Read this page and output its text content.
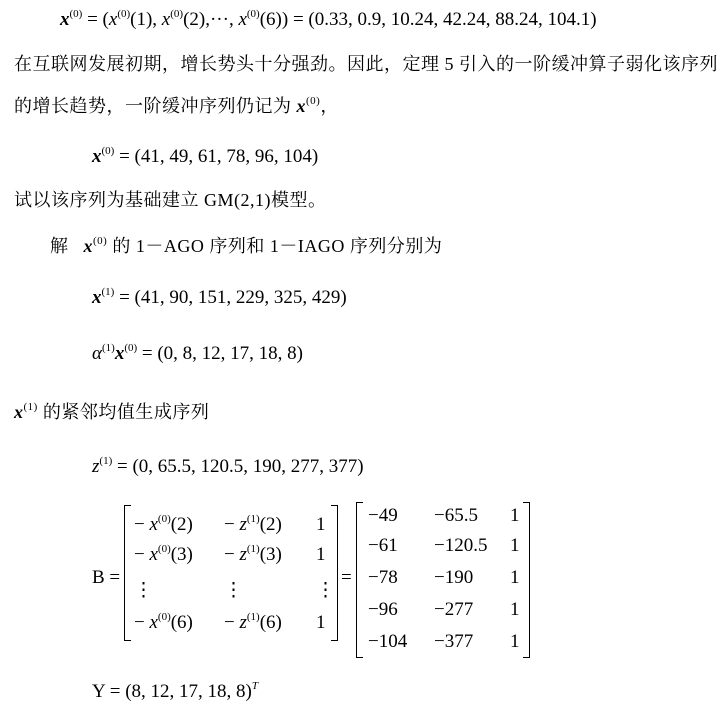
$x^{(0)} = (x^{(0)}(1)$, $x^{(0)}(2),\cdot\cdot\cdot$, $x^{(0)}(6)) = (0.33$, 0.9, 10.24, 42.24, 88.24, 104.1)
在互联网发展初期，增长势头十分强劲。因此，定理 5 引入的一阶缓冲算子弱化该序列
的增长趋势，一阶缓冲序列仍记为 $x^{(0)}$，
$x^{(0)} = (41$, 49, 61, 78, 96, 104)
试以该序列为基础建立 GM(2,1)模型。
解 $x^{(0)}$ 的 1－AGO 序列和 1－IAGO 序列分别为
$x^{(1)} = (41$, 90, 151, 229, 325, 429)
$\alpha^{(1)}x^{(0)} = (0$, 8, 12, 17, 18, 8)
$x^{(1)}$ 的紧邻均值生成序列
$z^{(1)} = (0$, 65.5, 120.5, 190, 277, 377)
B =
− $x^{(0)}(2) - z^{(1)}(2)$ 1
− $x^{(0)}(3) - z^{(1)}(3)$ 1
⋮	⋮	⋮
− $x^{(0)}(6) - z^{(1)}(6)$ 1
=
−49 −65.5 1
−61 −120.5 1
−78 −190 1
−96 −277 1
−104 −377 1
Y = (8, 12, 17, 18, 8)$^T$
